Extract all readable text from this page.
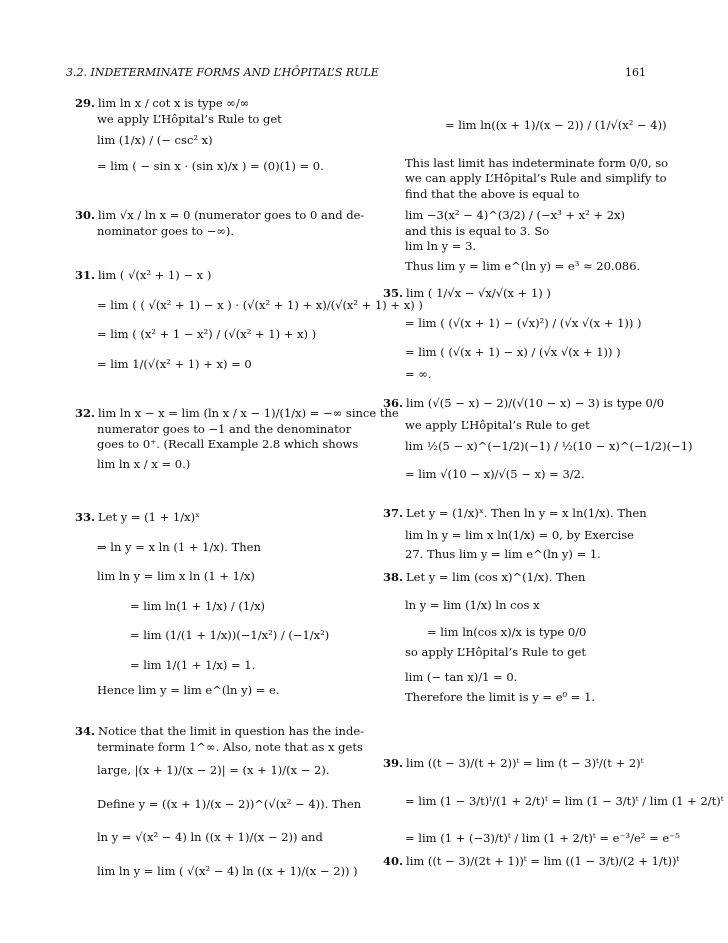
3.2. INDETERMINATE FORMS AND L’HÔPITAL’S RULE	161

29. lim ln x / cot x is type ∞/∞

we apply L’Hôpital’s Rule to get

lim (1/x) / (− csc² x)

= lim ( − sin x · (sin x)/x ) = (0)(1) = 0.

30. lim √x / ln x = 0 (numerator goes to 0 and de-

nominator goes to −∞).

31. lim ( √(x² + 1) − x )

= lim ( ( √(x² + 1) − x ) · (√(x² + 1) + x)/(√(x² + 1) + x) )

= lim ( (x² + 1 − x²) / (√(x² + 1) + x) )

= lim 1/(√(x² + 1) + x) = 0

32. lim ln x − x = lim (ln x / x − 1)/(1/x) = −∞ since the

numerator goes to −1 and the denominator

goes to 0⁺. (Recall Example 2.8 which shows

lim ln x / x = 0.)

33. Let y = (1 + 1/x)ˣ

⇒ ln y = x ln (1 + 1/x). Then

lim ln y = lim x ln (1 + 1/x)

= lim ln(1 + 1/x) / (1/x)

= lim (1/(1 + 1/x))(−1/x²) / (−1/x²)

= lim 1/(1 + 1/x) = 1.

Hence lim y = lim e^(ln y) = e.

34. Notice that the limit in question has the inde-

terminate form 1^∞. Also, note that as x gets

large, |(x + 1)/(x − 2)| = (x + 1)/(x − 2).

Define y = ((x + 1)/(x − 2))^(√(x² − 4)). Then

ln y = √(x² − 4) ln ((x + 1)/(x − 2)) and

lim ln y = lim ( √(x² − 4) ln ((x + 1)/(x − 2)) )

= lim ln((x + 1)/(x − 2)) / (1/√(x² − 4))

This last limit has indeterminate form 0/0, so

we can apply L’Hôpital’s Rule and simplify to

find that the above is equal to

lim −3(x² − 4)^(3/2) / (−x³ + x² + 2x) and this is equal to 3. So

lim ln y = 3.

Thus lim y = lim e^(ln y) = e³ ≈ 20.086.

35. lim ( 1/√x − √x/√(x + 1) )

= lim ( (√(x + 1) − (√x)²) / (√x √(x + 1)) )

= lim ( (√(x + 1) − x) / (√x √(x + 1)) )

= ∞.

36. lim (√(5 − x) − 2)/(√(10 − x) − 3) is type 0/0

we apply L’Hôpital’s Rule to get

lim ½(5 − x)^(−1/2)(−1) / ½(10 − x)^(−1/2)(−1)

= lim √(10 − x)/√(5 − x) = 3/2.

37. Let y = (1/x)ˣ. Then ln y = x ln(1/x). Then

lim ln y = lim x ln(1/x) = 0, by Exercise

27. Thus lim y = lim e^(ln y) = 1.

38. Let y = lim (cos x)^(1/x). Then

ln y = lim (1/x) ln cos x

= lim ln(cos x)/x is type 0/0

so apply L’Hôpital’s Rule to get

lim (− tan x)/1 = 0.

Therefore the limit is y = e⁰ = 1.

39. lim ((t − 3)/(t + 2))ᵗ = lim (t − 3)ᵗ/(t + 2)ᵗ

= lim (1 − 3/t)ᵗ/(1 + 2/t)ᵗ = lim (1 − 3/t)ᵗ / lim (1 + 2/t)ᵗ

= lim (1 + (−3)/t)ᵗ / lim (1 + 2/t)ᵗ = e⁻³/e² = e⁻⁵

40. lim ((t − 3)/(2t + 1))ᵗ = lim ((1 − 3/t)/(2 + 1/t))ᵗ
